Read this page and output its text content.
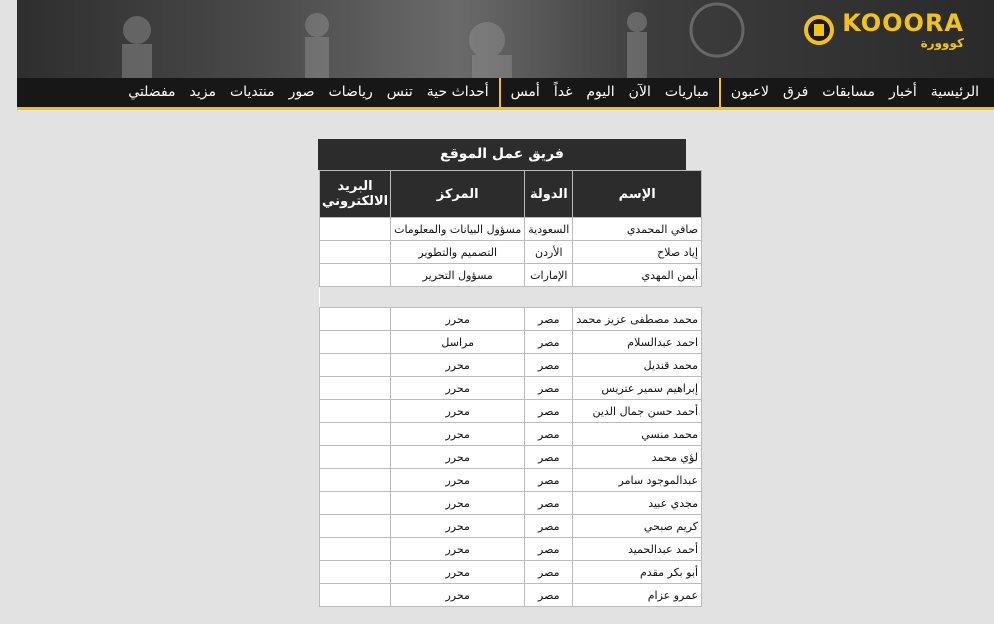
KOOORA
كووورة
الرئيسية
أخبار
مسابقات
فرق
لاعبون
مباريات
الآن
اليوم
غداً
أمس
أحداث حية
تنس
رياضات
صور
منتديات
مزيد
مفضلتي
فريق عمل الموقع
الإسم	الدولة	المركز	البريد الالكتروني
صافي المحمدي	السعودية	مسؤول البيانات والمعلومات	
إياد صلاح	الأردن	التصميم والتطوير	
أيمن المهدي	الإمارات	مسؤول التحرير	

محمد مصطفى عزيز محمد	مصر	محرر	
احمد عبدالسلام	مصر	مراسل	
محمد قنديل	مصر	محرر	
إبراهيم سمير عتريس	مصر	محرر	
أحمد حسن جمال الدين	مصر	محرر	
محمد منسي	مصر	محرر	
لؤي محمد	مصر	محرر	
عبدالموجود سامر	مصر	محرر	
مجدي عبيد	مصر	محرر	
كريم صبحي	مصر	محرر	
أحمد عبدالحميد	مصر	محرر	
أبو بكر مقدم	مصر	محرر	
عمرو عزام	مصر	محرر	
